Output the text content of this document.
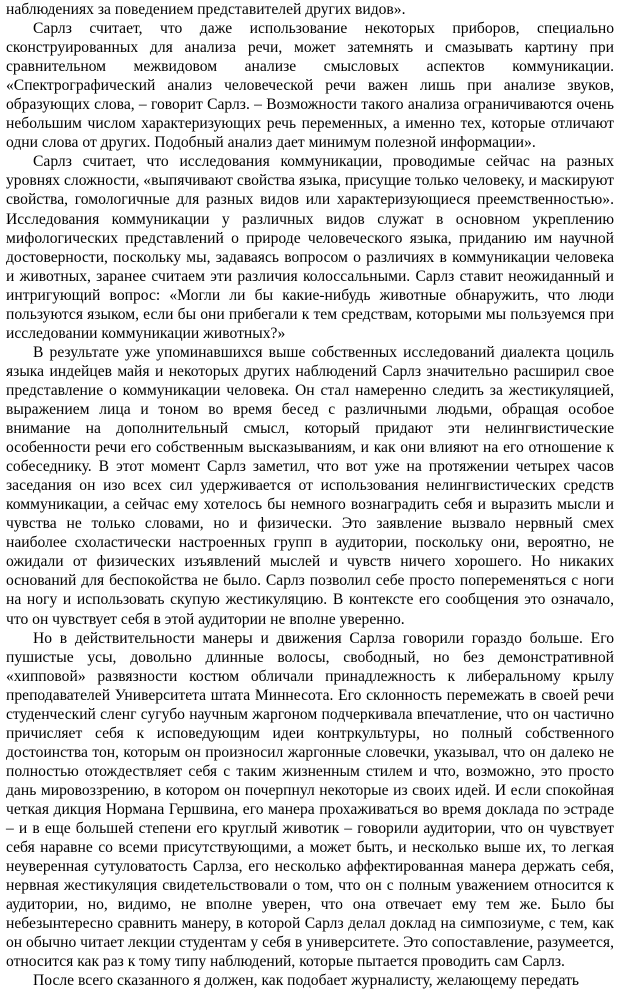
наблюдениях за поведением представителей других видов».

Сарлз считает, что даже использование некоторых приборов, специально сконструированных для анализа речи, может затемнять и смазывать картину при сравнительном межвидовом анализе смысловых аспектов коммуникации. «Спектрографический анализ человеческой речи важен лишь при анализе звуков, образующих слова, – говорит Сарлз. – Возможности такого анализа ограничиваются очень небольшим числом характеризующих речь переменных, а именно тех, которые отличают одни слова от других. Подобный анализ дает минимум полезной информации».

Сарлз считает, что исследования коммуникации, проводимые сейчас на разных уровнях сложности, «выпячивают свойства языка, присущие только человеку, и маскируют свойства, гомологичные для разных видов или характеризующиеся преемственностью». Исследования коммуникации у различных видов служат в основном укреплению мифологических представлений о природе человеческого языка, приданию им научной достоверности, поскольку мы, задаваясь вопросом о различиях в коммуникации человека и животных, заранее считаем эти различия колоссальными. Сарлз ставит неожиданный и интригующий вопрос: «Могли ли бы какие-нибудь животные обнаружить, что люди пользуются языком, если бы они прибегали к тем средствам, которыми мы пользуемся при исследовании коммуникации животных?»

В результате уже упоминавшихся выше собственных исследований диалекта цоциль языка индейцев майя и некоторых других наблюдений Сарлз значительно расширил свое представление о коммуникации человека. Он стал намеренно следить за жестикуляцией, выражением лица и тоном во время бесед с различными людьми, обращая особое внимание на дополнительный смысл, который придают эти нелингвистические особенности речи его собственным высказываниям, и как они влияют на его отношение к собеседнику. В этот момент Сарлз заметил, что вот уже на протяжении четырех часов заседания он изо всех сил удерживается от использования нелингвистических средств коммуникации, а сейчас ему хотелось бы немного вознаградить себя и выразить мысли и чувства не только словами, но и физически. Это заявление вызвало нервный смех наиболее схоластически настроенных групп в аудитории, поскольку они, вероятно, не ожидали от физических изъявлений мыслей и чувств ничего хорошего. Но никаких оснований для беспокойства не было. Сарлз позволил себе просто попеременяться с ноги на ногу и использовать скупую жестикуляцию. В контексте его сообщения это означало, что он чувствует себя в этой аудитории не вполне уверенно.

Но в действительности манеры и движения Сарлза говорили гораздо больше. Его пушистые усы, довольно длинные волосы, свободный, но без демонстративной «хипповой» развязности костюм обличали принадлежность к либеральному крылу преподавателей Университета штата Миннесота. Его склонность перемежать в своей речи студенческий сленг сугубо научным жаргоном подчеркивала впечатление, что он частично причисляет себя к исповедующим идеи контркультуры, но полный собственного достоинства тон, которым он произносил жаргонные словечки, указывал, что он далеко не полностью отождествляет себя с таким жизненным стилем и что, возможно, это просто дань мировоззрению, в котором он почерпнул некоторые из своих идей. И если спокойная четкая дикция Нормана Гершвина, его манера прохаживаться во время доклада по эстраде – и в еще большей степени его круглый животик – говорили аудитории, что он чувствует себя наравне со всеми присутствующими, а может быть, и несколько выше их, то легкая неуверенная сутуловатость Сарлза, его несколько аффектированная манера держать себя, нервная жестикуляция свидетельствовали о том, что он с полным уважением относится к аудитории, но, видимо, не вполне уверен, что она отвечает ему тем же. Было бы небезынтересно сравнить манеру, в которой Сарлз делал доклад на симпозиуме, с тем, как он обычно читает лекции студентам у себя в университете. Это сопоставление, разумеется, относится как раз к тому типу наблюдений, которые пытается проводить сам Сарлз.

После всего сказанного я должен, как подобает журналисту, желающему передать
